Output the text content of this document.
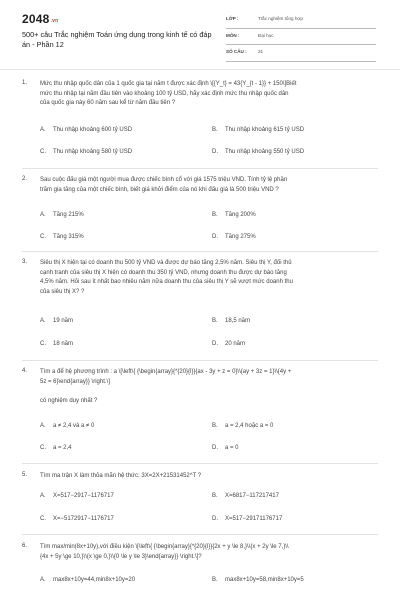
2048.vn
500+ câu Trắc nghiệm Toán ứng dụng trong kinh tế có đáp
án - Phần 12
LỚP :	Trắc nghiệm tổng hợp
MÔN :	Đại học
SỐ CÂU : 31
1. Mức thu nhập quốc dân của 1 quốc gia tại năm t được xác định \[{Y_t} = 43{Y_{t - 1}} + 150\]Biết
mức thu nhập tại năm đầu tiên vào khoảng 100 tỷ USD, hãy xác định mức thu nhập quốc dân
của quốc gia này 60 năm sau kể từ năm đầu tiên ?
A. Thu nhập khoảng 600 tỷ USD	B. Thu nhập khoảng 615 tỷ USD
C. Thu nhập khoảng 580 tỷ USD	D. Thu nhập khoảng 550 tỷ USD
2. Sau cuộc đấu giá một người mua được chiếc bình cổ với giá 1575 triệu VND. Tính tỷ lệ phần
trăm gia tăng của một chiếc bình, biết giá khởi điểm của nó khi đấu giá là 500 triệu VND ?
A. Tăng 215%	B. Tăng 200%
C. Tăng 315%	D. Tăng 275%
3. Siêu thị X hiện tại có doanh thu 500 tỷ VND và được dự báo tăng 2,5% năm. Siêu thị Y, đối thủ
cạnh tranh của siêu thị X hiện có doanh thu 350 tỷ VND, nhưng doanh thu được dự báo tăng
4,5% năm. Hỏi sau ít nhất bao nhiêu năm nữa doanh thu của siêu thị Y sẽ vượt mức doanh thu
của siêu thị X? ?
A. 19 năm	B. 18,5 năm
C. 18 năm	D. 20 năm
4. Tìm a để hệ phương trình : a \[\left\{ {\begin{array}{*{20}{l}}{ax - 3y + z = 0}\\{ay + 3z = 1}\\{4y +
5z = 6}\end{array}} \right.\]
có nghiệm duy nhất ?
A. a ≠ 2,4 và a ≠ 0	B. a = 2,4 hoặc a = 0
C. a = 2,4	D. a = 0
5. Tìm ma trận X làm thỏa mãn hệ thức: 3X=2X+21531452^T ?
A. X=517−2917−1176717	B. X=6817−117217417
C. X=−5172917−1176717	D. X=517−29171176717
6. Tìm max/min(8x+10y),với điều kiện \[\left\{ {\begin{array}{*{20}{l}}{2x + y \le 8,}\\{x + 2y \le 7,}\\
{4x + 5y \ge 10,}\\{x \ge 0,}\\{0 \le y \le 3}\end{array}} \right.\]?
A. max8x+10y=44,min8x+10y=20	B. max8x+10y=58,min8x+10y=5
